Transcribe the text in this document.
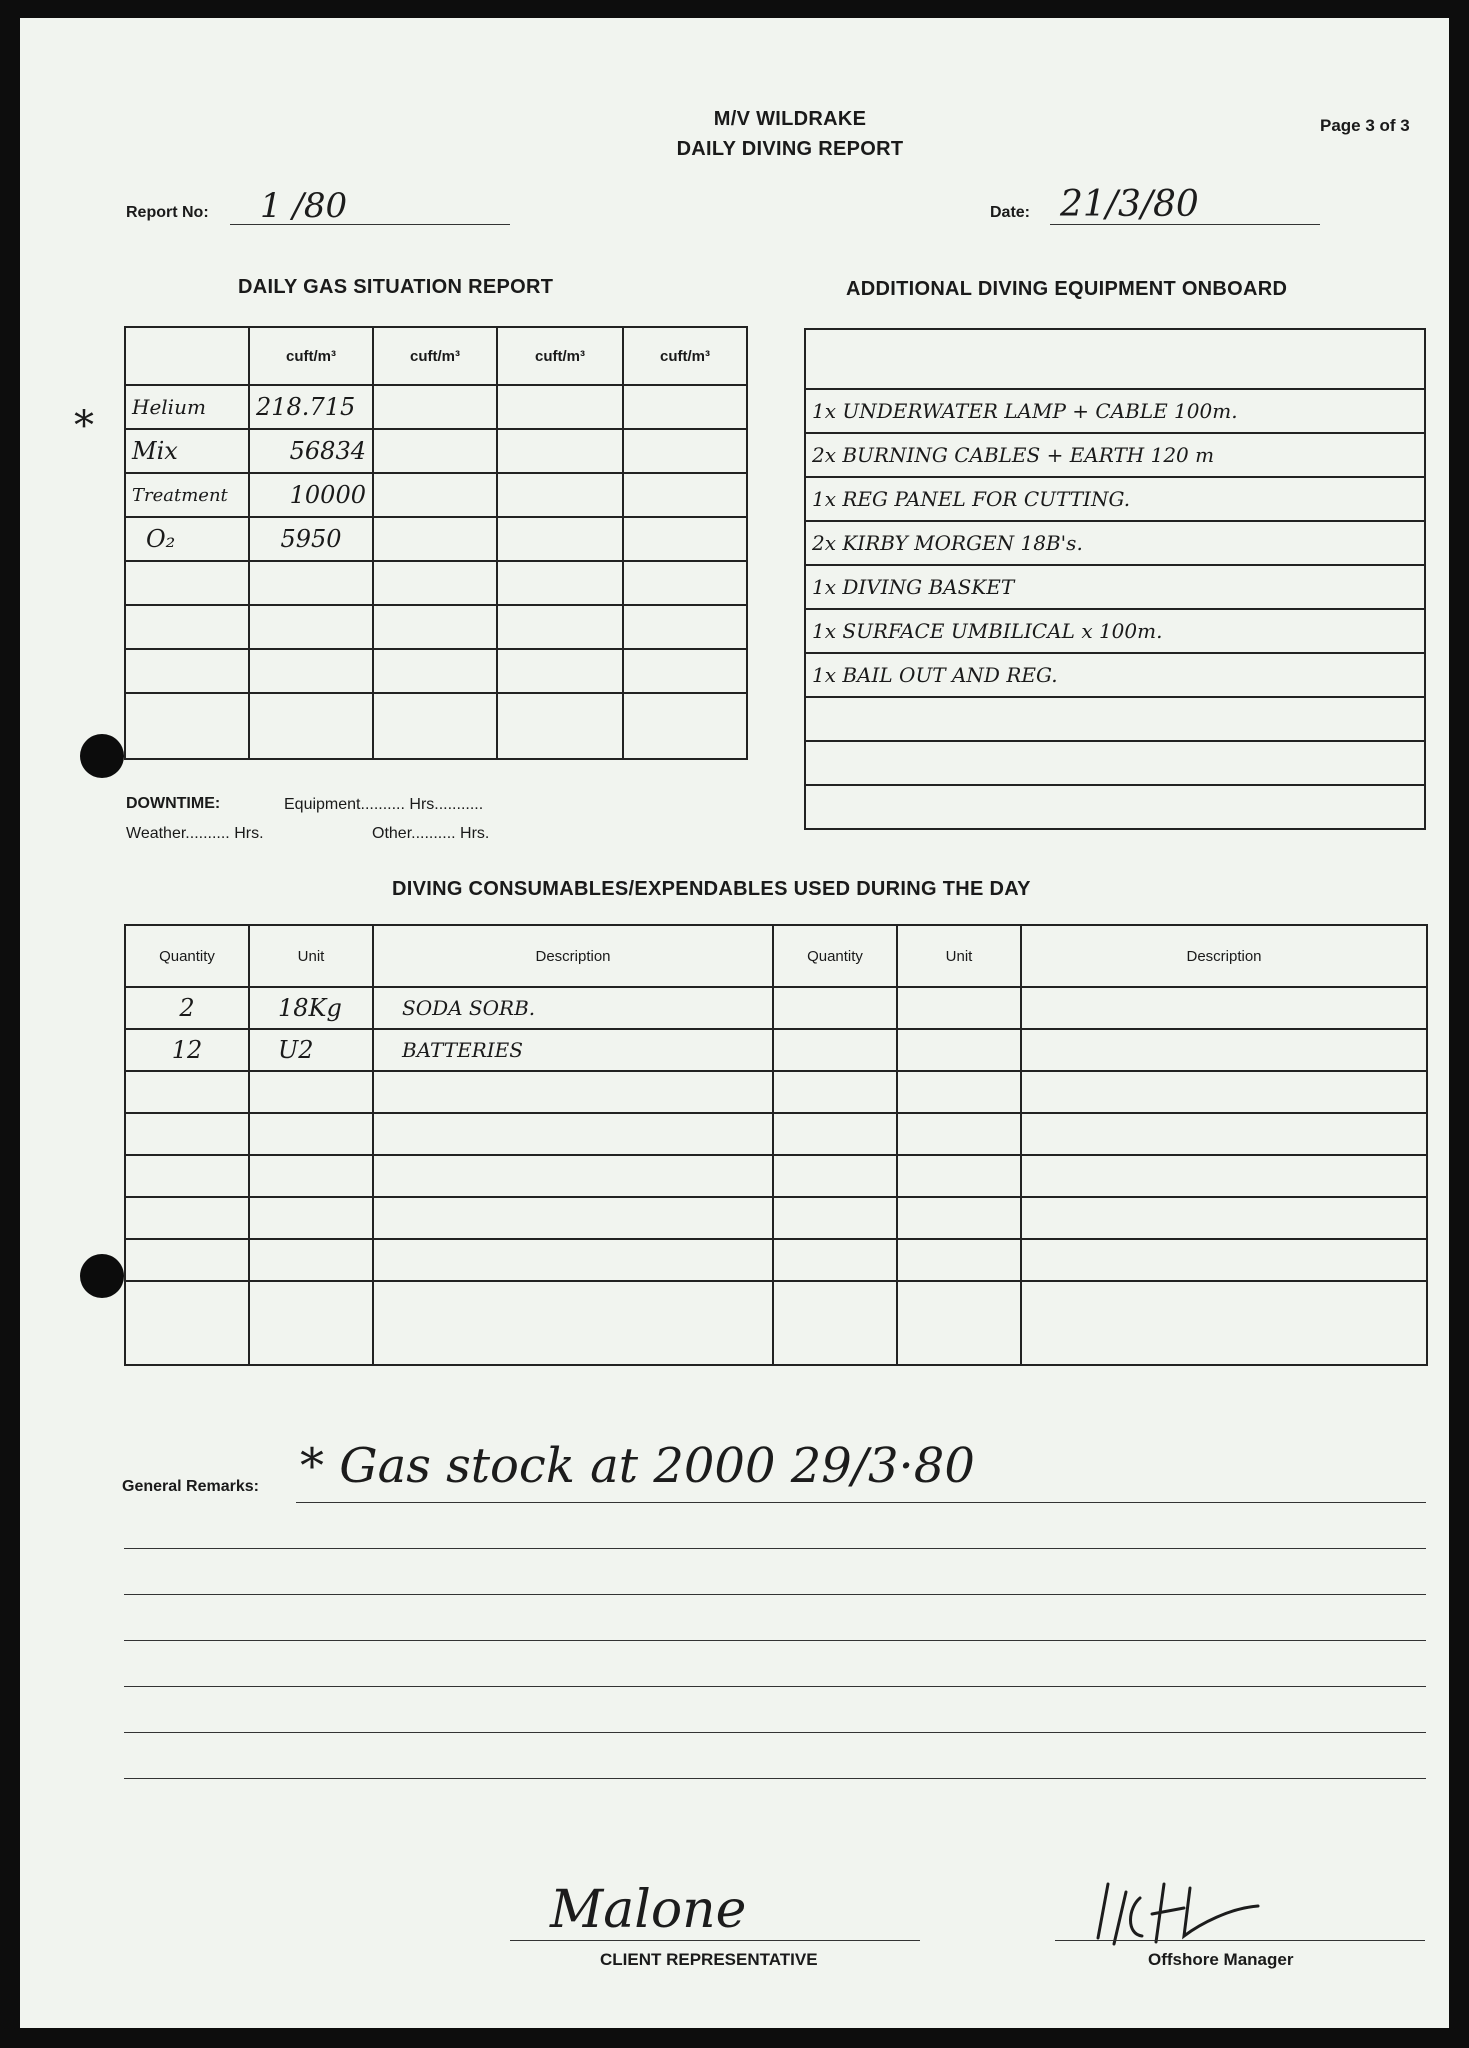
M/V WILDRAKE
DAILY DIVING REPORT
Page 3 of 3
Report No: 1 /80	Date: 21/3/80
DAILY GAS SITUATION REPORT
*
	cuft/m³	cuft/m³	cuft/m³	cuft/m³
Helium	218.715			
Mix	56834			
Treatment	10000			
O₂	5950			

ADDITIONAL DIVING EQUIPMENT ONBOARD

1x UNDERWATER LAMP + CABLE 100m.
2x BURNING CABLES + EARTH 120 m
1x REG PANEL FOR CUTTING.
2x KIRBY MORGEN 18B's.
1x DIVING BASKET
1x SURFACE UMBILICAL x 100m.
1x BAIL OUT AND REG.

DOWNTIME:	Equipment.......... Hrs...........
Weather.......... Hrs.	Other.......... Hrs.
DIVING CONSUMABLES/EXPENDABLES USED DURING THE DAY
Quantity	Unit	Description	Quantity	Unit	Description
2	18Kg	SODA SORB.			
12	U2	BATTERIES			

General Remarks: * Gas stock at 2000 29/3·80
Malone
CLIENT REPRESENTATIVE	Offshore Manager
